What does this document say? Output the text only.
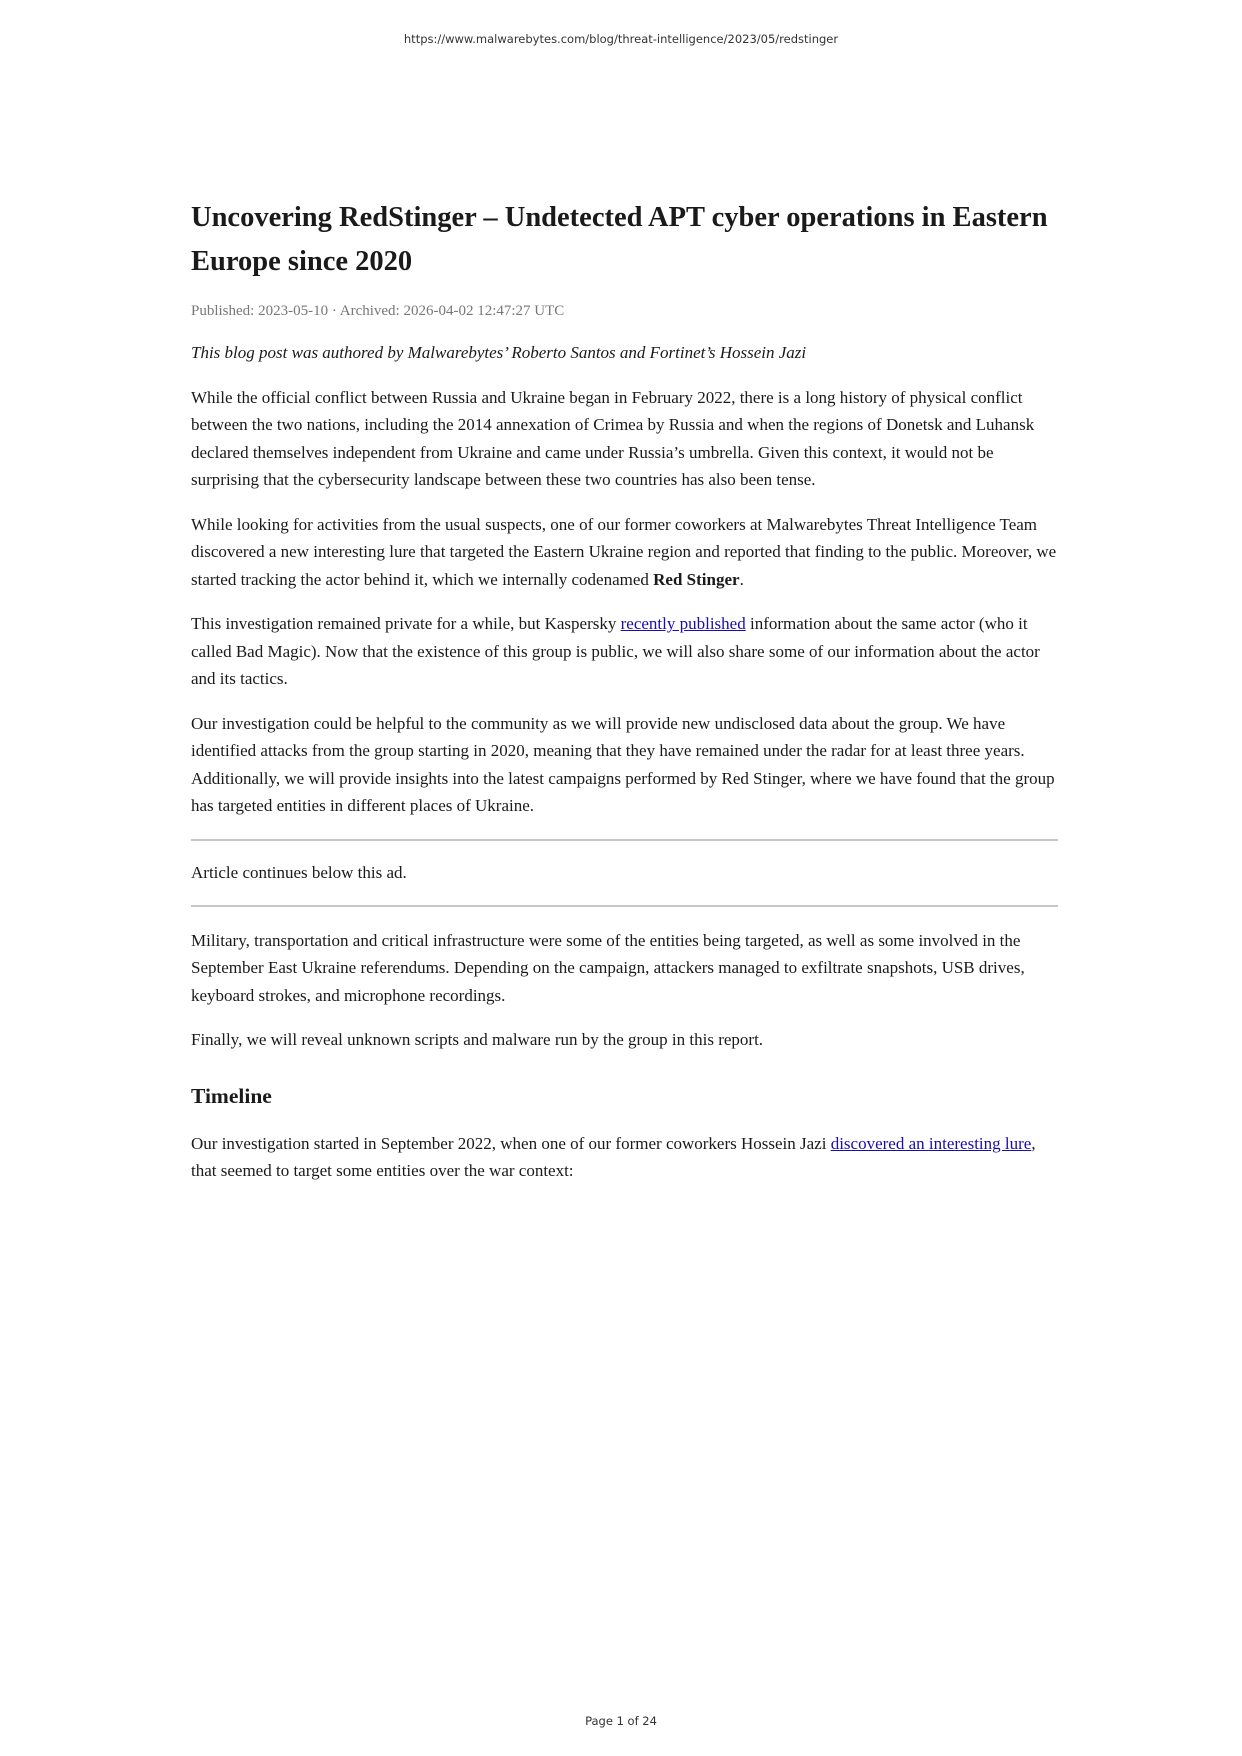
https://www.malwarebytes.com/blog/threat-intelligence/2023/05/redstinger
Uncovering RedStinger – Undetected APT cyber operations in Eastern Europe since 2020
Published: 2023-05-10 · Archived: 2026-04-02 12:47:27 UTC

This blog post was authored by Malwarebytes’ Roberto Santos and Fortinet’s Hossein Jazi

While the official conflict between Russia and Ukraine began in February 2022, there is a long history of physical conflict between the two nations, including the 2014 annexation of Crimea by Russia and when the regions of Donetsk and Luhansk declared themselves independent from Ukraine and came under Russia’s umbrella. Given this context, it would not be surprising that the cybersecurity landscape between these two countries has also been tense.

While looking for activities from the usual suspects, one of our former coworkers at Malwarebytes Threat Intelligence Team discovered a new interesting lure that targeted the Eastern Ukraine region and reported that finding to the public. Moreover, we started tracking the actor behind it, which we internally codenamed Red Stinger.

This investigation remained private for a while, but Kaspersky recently published information about the same actor (who it called Bad Magic). Now that the existence of this group is public, we will also share some of our information about the actor and its tactics.

Our investigation could be helpful to the community as we will provide new undisclosed data about the group. We have identified attacks from the group starting in 2020, meaning that they have remained under the radar for at least three years. Additionally, we will provide insights into the latest campaigns performed by Red Stinger, where we have found that the group has targeted entities in different places of Ukraine.

Article continues below this ad.

Military, transportation and critical infrastructure were some of the entities being targeted, as well as some involved in the September East Ukraine referendums. Depending on the campaign, attackers managed to exfiltrate snapshots, USB drives, keyboard strokes, and microphone recordings.

Finally, we will reveal unknown scripts and malware run by the group in this report.

Timeline

Our investigation started in September 2022, when one of our former coworkers Hossein Jazi discovered an interesting lure, that seemed to target some entities over the war context:

Page 1 of 24
